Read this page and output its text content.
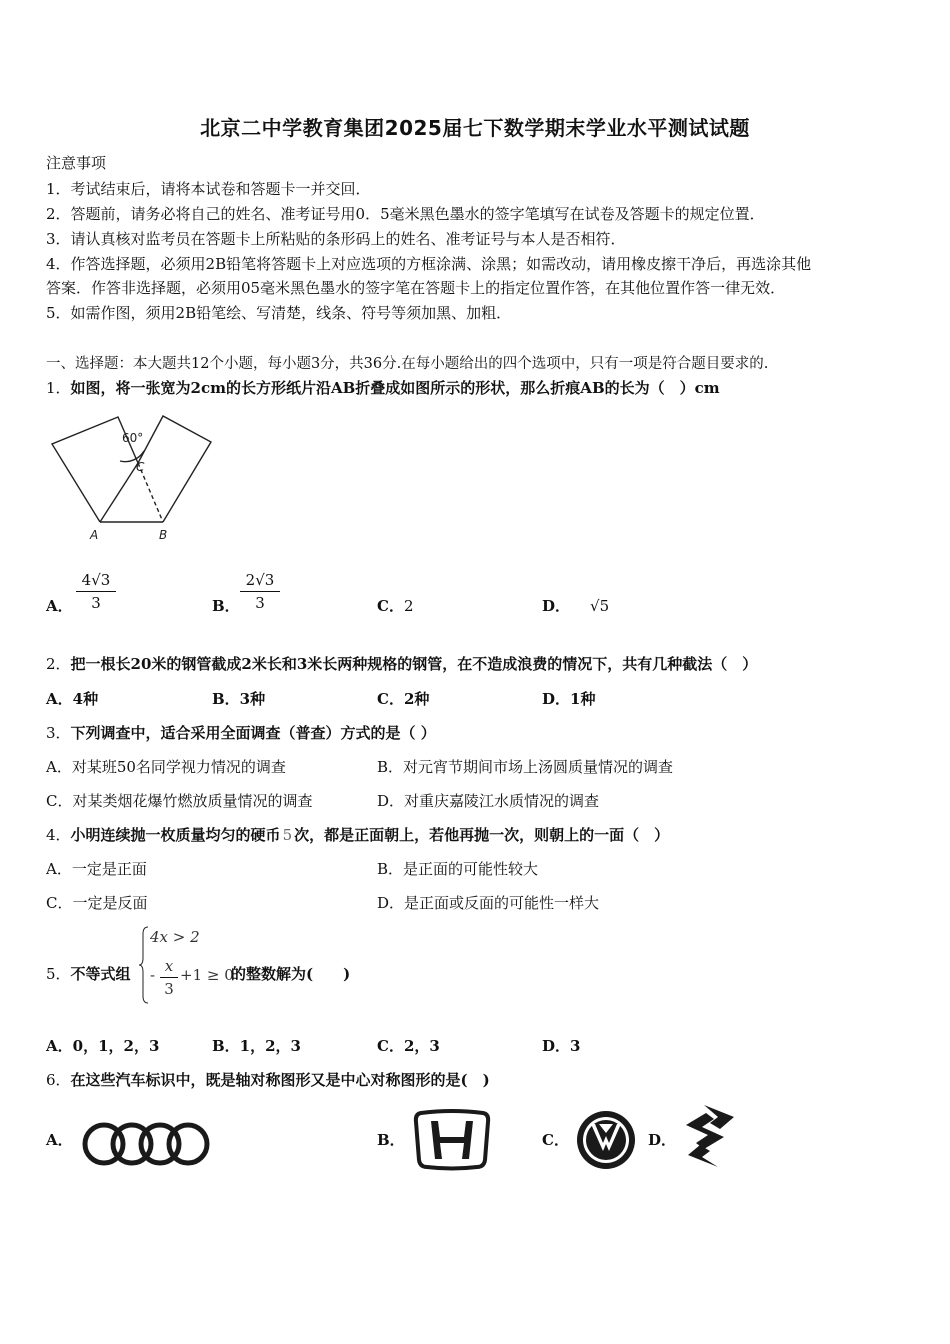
北京二中学教育集团2025届七下数学期末学业水平测试试题
注意事项
1．考试结束后，请将本试卷和答题卡一并交回．
2．答题前，请务必将自己的姓名、准考证号用0．5毫米黑色墨水的签字笔填写在试卷及答题卡的规定位置．
3．请认真核对监考员在答题卡上所粘贴的条形码上的姓名、准考证号与本人是否相符．
4．作答选择题，必须用2B铅笔将答题卡上对应选项的方框涂满、涂黑；如需改动，请用橡皮擦干净后，再选涂其他
答案．作答非选择题，必须用05毫米黑色墨水的签字笔在答题卡上的指定位置作答，在其他位置作答一律无效．
5．如需作图，须用2B铅笔绘、写清楚，线条、符号等须加黑、加粗．
一、选择题：本大题共12个小题，每小题3分，共36分.在每小题给出的四个选项中，只有一项是符合题目要求的.
1．如图，将一张宽为2cm的长方形纸片沿AB折叠成如图所示的形状，那么折痕AB的长为（　）cm
60°
C
A	B
A．
4√3
3	B．
2√3
3	C．2	D． √5
2．把一根长20米的钢管截成2米长和3米长两种规格的钢管，在不造成浪费的情况下，共有几种截法（　）
A．4种	B．3种	C．2种	D．1种
3．下列调查中，适合采用全面调查（普查）方式的是（ ）
A．对某班50名同学视力情况的调查	B．对元宵节期间市场上汤圆质量情况的调查
C．对某类烟花爆竹燃放质量情况的调查	D．对重庆嘉陵江水质情况的调查
4．小明连续抛一枚质量均匀的硬币 5 次，都是正面朝上，若他再抛一次，则朝上的一面（　）
A．一定是正面	B．是正面的可能性较大
C．一定是反面	D．是正面或反面的可能性一样大
5．不等式组
4x > 2
- x
3
+1 ≥ 0
的整数解为(　　)
A．0，1，2，3	B．1，2，3	C．2，3	D．3
6．在这些汽车标识中，既是轴对称图形又是中心对称图形的是(　)
A．	B．	C．	D．
